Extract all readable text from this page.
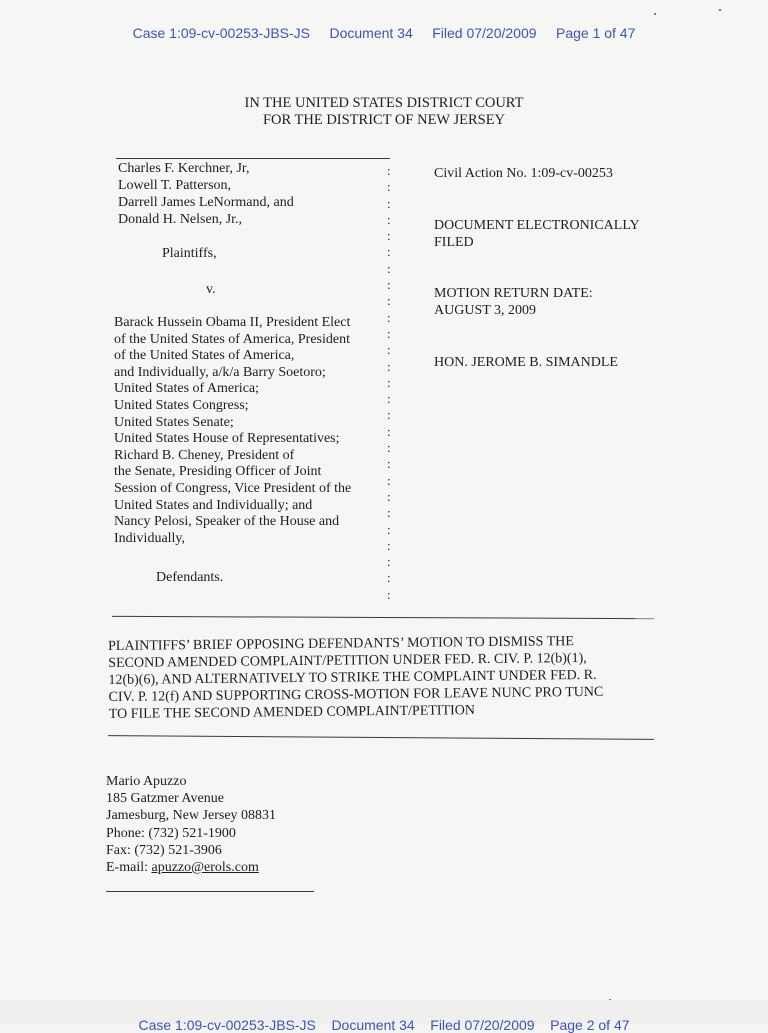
Case 1:09-cv-00253-JBS-JS Document 34 Filed 07/20/2009 Page 1 of 47
IN THE UNITED STATES DISTRICT COURT
FOR THE DISTRICT OF NEW JERSEY
Charles F. Kerchner, Jr,
Lowell T. Patterson,
Darrell James LeNormand, and
Donald H. Nelsen, Jr.,
Plaintiffs,
v.
Barack Hussein Obama II, President Elect
of the United States of America, President
of the United States of America,
and Individually, a/k/a Barry Soetoro;
United States of America;
United States Congress;
United States Senate;
United States House of Representatives;
Richard B. Cheney, President of
the Senate, Presiding Officer of Joint
Session of Congress, Vice President of the
United States and Individually; and
Nancy Pelosi, Speaker of the House and
Individually,
Defendants.
:
:
:
:
:
:
:
:
:
:
:
:
:
:
:
:
:
:
:
:
:
:
:
:
:
:
:
Civil Action No. 1:09-cv-00253
DOCUMENT ELECTRONICALLY
FILED
MOTION RETURN DATE:
AUGUST 3, 2009
HON. JEROME B. SIMANDLE
PLAINTIFFS’ BRIEF OPPOSING DEFENDANTS’ MOTION TO DISMISS THE
SECOND AMENDED COMPLAINT/PETITION UNDER FED. R. CIV. P. 12(b)(1),
12(b)(6), AND ALTERNATIVELY TO STRIKE THE COMPLAINT UNDER FED. R.
CIV. P. 12(f) AND SUPPORTING CROSS-MOTION FOR LEAVE NUNC PRO TUNC
TO FILE THE SECOND AMENDED COMPLAINT/PETITION
Mario Apuzzo
185 Gatzmer Avenue
Jamesburg, New Jersey 08831
Phone: (732) 521-1900
Fax: (732) 521-3906
E-mail: apuzzo@erols.com
Case 1:09-cv-00253-JBS-JS    Document 34    Filed 07/20/2009    Page 2 of 47
